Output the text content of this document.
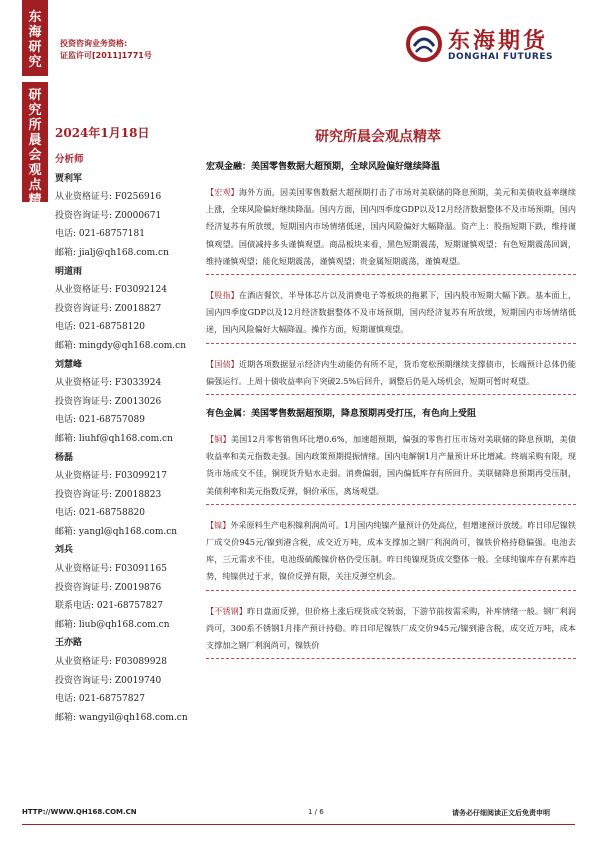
东海研究
研究所晨会观点精萃
投资咨询业务资格:
证监许可[2011]1771号
东海期货
DONGHAI FUTURES
2024年1月18日	研究所晨会观点精萃
分析师
贾利军
从业资格证号: F0256916
投资咨询证号: Z0000671
电话: 021-68757181
邮箱: jialj@qh168.com.cn
明道雨
从业资格证号: F03092124
投资咨询证号: Z0018827
电话: 021-68758120
邮箱: mingdy@qh168.com.cn
刘慧峰
从业资格证号: F3033924
投资咨询证号: Z0013026
电话: 021-68757089
邮箱: liuhf@qh168.com.cn
杨磊
从业资格证号: F03099217
投资咨询证号: Z0018823
电话: 021-68758820
邮箱: yangl@qh168.com.cn
刘兵
从业资格证号: F03091165
投资咨询证号: Z0019876
联系电话: 021-68757827
邮箱: liub@qh168.com.cn
王亦路
从业资格证号: F03089928
投资咨询证号: Z0019740
电话: 021-68757827
邮箱: wangyil@qh168.com.cn
宏观金融：美国零售数据大超预期，全球风险偏好继续降温
【宏观】海外方面，因美国零售数据大超预期打击了市场对美联储的降息预期，美元和美债收益率继续上涨，全球风险偏好继续降温。国内方面，国内四季度GDP以及12月经济数据整体不及市场预期，国内经济复苏有所放缓，短期国内市场情绪低迷，国内风险偏好大幅降温。资产上：股指短期下跌，维持谨慎观望。国债减持多头谨慎观望。商品板块来看，黑色短期震荡，短期谨慎观望；有色短期震荡回调，维持谨慎观望；能化短期震荡，谨慎观望；贵金属短期震荡，谨慎观望。
【股指】在酒店餐饮、半导体芯片以及消费电子等板块的拖累下，国内股市短期大幅下跌。基本面上，国内四季度GDP以及12月经济数据整体不及市场预期，国内经济复苏有所放缓，短期国内市场情绪低迷，国内风险偏好大幅降温。操作方面，短期谨慎观望。
【国债】近期各项数据显示经济内生动能仍有所不足，货币宽松预期继续支撑债市，长端预计总体仍能偏强运行。上周十债收益率向下突破2.5%后回升，调整后仍是入场机会，短期可暂时观望。
有色金属：美国零售数据超预期，降息预期再受打压，有色向上受阻
【铜】美国12月零售销售环比增0.6%，加速超预期，偏强的零售打压市场对美联储的降息预期，美债收益率和美元指数走强。国内政策预期提振情绪。国内电解铜1月产量预计环比增减。终端采购有限，现货市场成交不佳，铜现货升贴水走弱。消费偏弱，国内偏低库存有所回升。美联储降息预期再受压制，美债利率和美元指数反弹，铜价承压，离场观望。
【镍】外采原料生产电积镍利润尚可。1月国内纯镍产量预计仍处高位，但增速预计放缓。昨日印尼镍铁厂成交价945元/镍到港含税，成交近万吨，成本支撑加之钢厂利润尚可，镍铁价格持稳偏强。电池去库，三元需求不佳，电池级硫酸镍价格仍受压制。昨日纯镍现货成交整体一般。全球纯镍库存有累库趋势，纯镍供过于求，镍价反弹有限，关注反弹空机会。
【不锈钢】昨日盘面反弹，但价格上涨后现货成交转弱，下游节前按需采购，补库情绪一般。钢厂利润尚可，300系不锈钢1月排产预计持稳。昨日印尼镍铁厂成交价945元/镍到港含税，成交近万吨，成本支撑加之钢厂利润尚可，镍铁价
HTTP://WWW.QH168.COM.CN	1 / 6	请务必仔细阅读正文后免责申明
